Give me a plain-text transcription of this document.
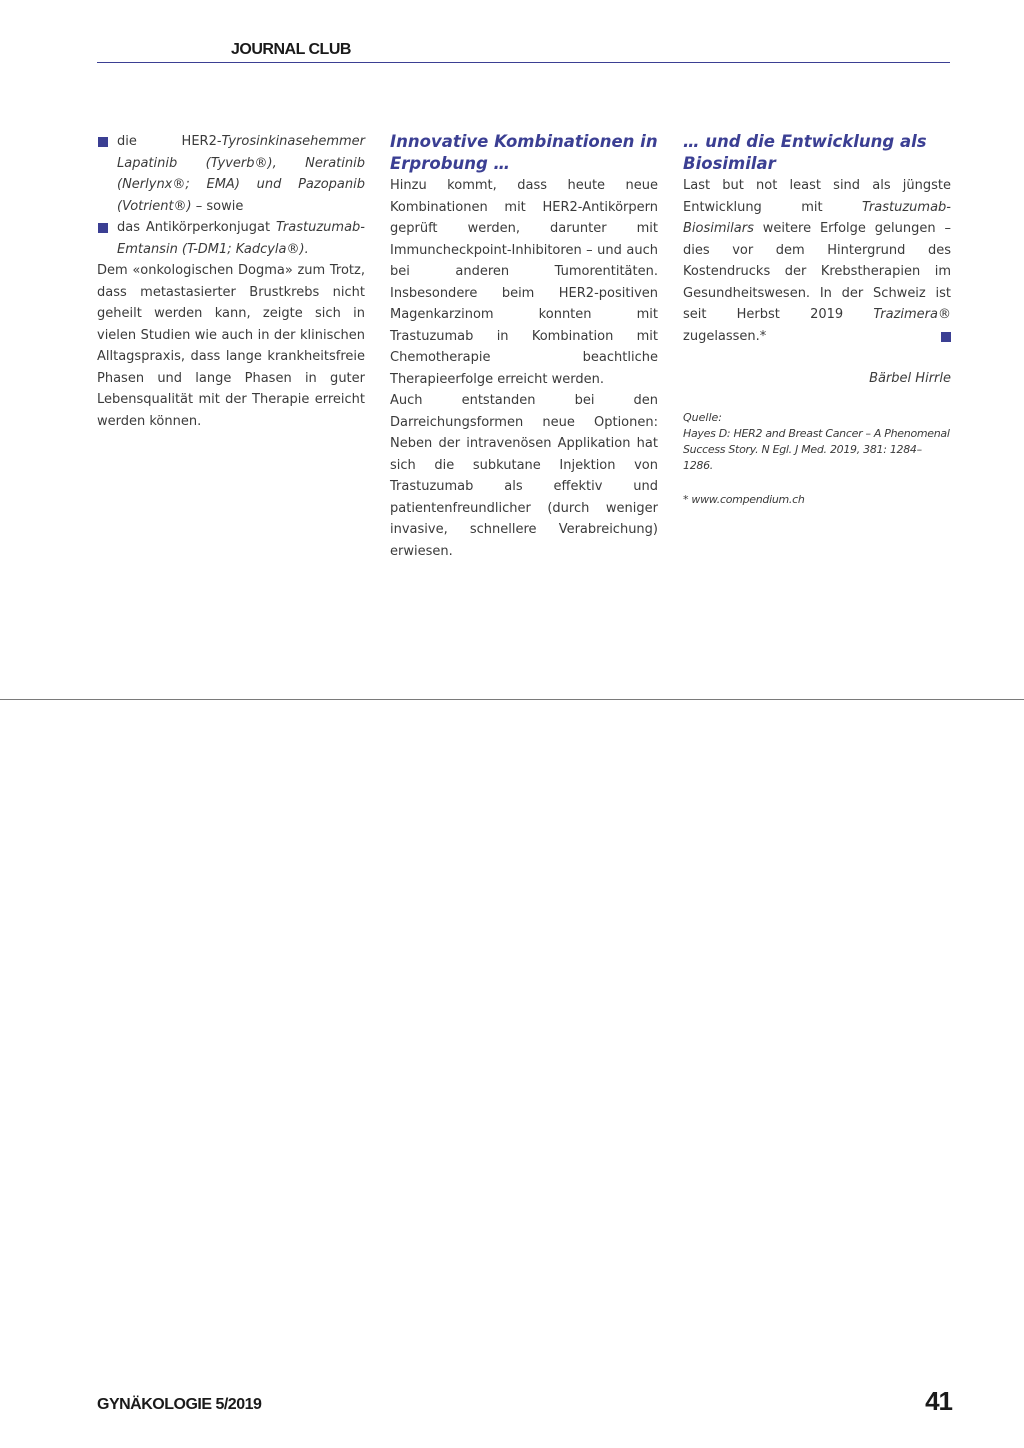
JOURNAL CLUB

die HER2-Tyrosinkinasehemmer Lapatinib (Tyverb®), Neratinib (Nerlynx®; EMA) und Pazopanib (Votrient®) – sowie

das Antikörperkonjugat Trastuzumab-Emtansin (T-DM1; Kadcyla®).

Dem «onkologischen Dogma» zum Trotz, dass metastasierter Brustkrebs nicht geheilt werden kann, zeigte sich in vielen Studien wie auch in der klinischen Alltagspraxis, dass lange krankheitsfreie Phasen und lange Phasen in guter Lebensqualität mit der Therapie erreicht werden können.

Innovative Kombinationen in Erprobung …

Hinzu kommt, dass heute neue Kombinationen mit HER2-Antikörpern geprüft werden, darunter mit Immuncheckpoint-Inhibitoren – und auch bei anderen Tumorentitäten. Insbesondere beim HER2-positiven Magenkarzinom konnten mit Trastuzumab in Kombination mit Chemotherapie beachtliche Therapieerfolge erreicht werden.

Auch entstanden bei den Darreichungsformen neue Optionen: Neben der intravenösen Applikation hat sich die subkutane Injektion von Trastuzumab als effektiv und patientenfreundlicher (durch weniger invasive, schnellere Verabreichung) erwiesen.

… und die Entwicklung als Biosimilar

Last but not least sind als jüngste Entwicklung mit Trastuzumab-Biosimilars weitere Erfolge gelungen – dies vor dem Hintergrund des Kostendrucks der Krebstherapien im Gesundheitswesen. In der Schweiz ist seit Herbst 2019 Trazimera® zugelassen.*

Bärbel Hirrle
Quelle:
Hayes D: HER2 and Breast Cancer – A Phenomenal Success Story. N Egl. J Med. 2019, 381: 1284–1286.
* www.compendium.ch
GYNÄKOLOGIE 5/2019	41
